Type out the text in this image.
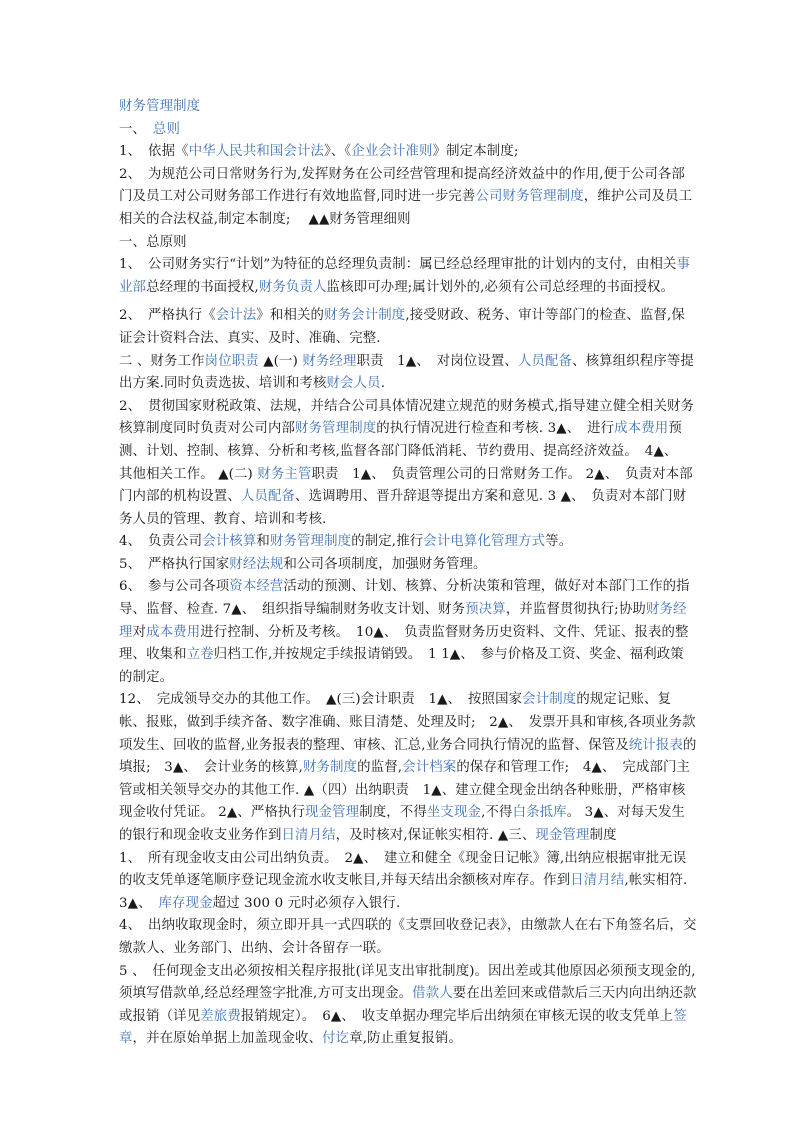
财务管理制度
一、　总则
1、　依据《中华人民共和国会计法》、《企业会计准则》制定本制度;
2、　为规范公司日常财务行为,发挥财务在公司经营管理和提高经济效益中的作用,便于公司各部门及员工对公司财务部工作进行有效地监督,同时进一步完善公司财务管理制度，维护公司及员工相关的合法权益,制定本制度;　 ▲▲财务管理细则
一、总原则
1、　公司财务实行“计划”为特征的总经理负责制：属已经总经理审批的计划内的支付，由相关事业部总经理的书面授权,财务负责人监核即可办理;属计划外的,必须有公司总经理的书面授权。
2、　严格执行《会计法》和相关的财务会计制度,接受财政、税务、审计等部门的检查、监督,保证会计资料合法、真实、及时、准确、完整.
二 、财务工作岗位职责 ▲(一) 财务经理职责　1▲、　对岗位设置、人员配备、核算组织程序等提出方案.同时负责选拔、培训和考核财会人员.
2、　贯彻国家财税政策、法规，并结合公司具体情况建立规范的财务模式,指导建立健全相关财务核算制度同时负责对公司内部财务管理制度的执行情况进行检查和考核. 3▲、　进行成本费用预测、计划、控制、核算、分析和考核,监督各部门降低消耗、节约费用、提高经济效益。　4▲、　其他相关工作。 ▲(二) 财务主管职责　1▲、　负责管理公司的日常财务工作。 2▲、　负责对本部门内部的机构设置、人员配备、选调聘用、晋升辞退等提出方案和意见. 3 ▲、　负责对本部门财务人员的管理、教育、培训和考核.
4、　负责公司会计核算和财务管理制度的制定,推行会计电算化管理方式等。
5、　严格执行国家财经法规和公司各项制度，加强财务管理。
6、　参与公司各项资本经营活动的预测、计划、核算、分析决策和管理，做好对本部门工作的指导、监督、检查. 7▲、　组织指导编制财务收支计划、财务预决算，并监督贯彻执行;协助财务经理对成本费用进行控制、分析及考核。　10▲、　负责监督财务历史资料、文件、凭证、报表的整理、收集和立卷归档工作,并按规定手续报请销毁。　1 1▲、　参与价格及工资、奖金、福利政策的制定。
12、　完成领导交办的其他工作。　▲(三)会计职责　1▲、　按照国家会计制度的规定记账、复帐、报账，做到手续齐备、数字准确、账目清楚、处理及时;　2▲、　发票开具和审核,各项业务款项发生、回收的监督,业务报表的整理、审核、汇总,业务合同执行情况的监督、保管及统计报表的填报;　3▲、　会计业务的核算,财务制度的监督,会计档案的保存和管理工作;　4▲、　完成部门主管或相关领导交办的其他工作. ▲（四）出纳职责　1▲、建立健全现金出纳各种账册，严格审核现金收付凭证。 2▲、严格执行现金管理制度，不得坐支现金,不得白条抵库。 3▲、对每天发生的银行和现金收支业务作到日清月结，及时核对,保证帐实相符. ▲三、现金管理制度
1、　所有现金收支由公司出纳负责。　2▲、　建立和健全《现金日记帐》簿,出纳应根据审批无误的收支凭单逐笔顺序登记现金流水收支帐目,并每天结出余额核对库存。作到日清月结,帐实相符.　 3▲、　库存现金超过 300 0 元时必须存入银行.
4、　出纳收取现金时，须立即开具一式四联的《支票回收登记表》，由缴款人在右下角签名后，交缴款人、业务部门、出纳、会计各留存一联。
5 、　任何现金支出必须按相关程序报批(详见支出审批制度)。因出差或其他原因必须预支现金的,须填写借款单,经总经理签字批准,方可支出现金。借款人要在出差回来或借款后三天内向出纳还款或报销（详见差旅费报销规定）。　6▲、　收支单据办理完毕后出纳须在审核无误的收支凭单上签章，并在原始单据上加盖现金收、付讫章,防止重复报销。
